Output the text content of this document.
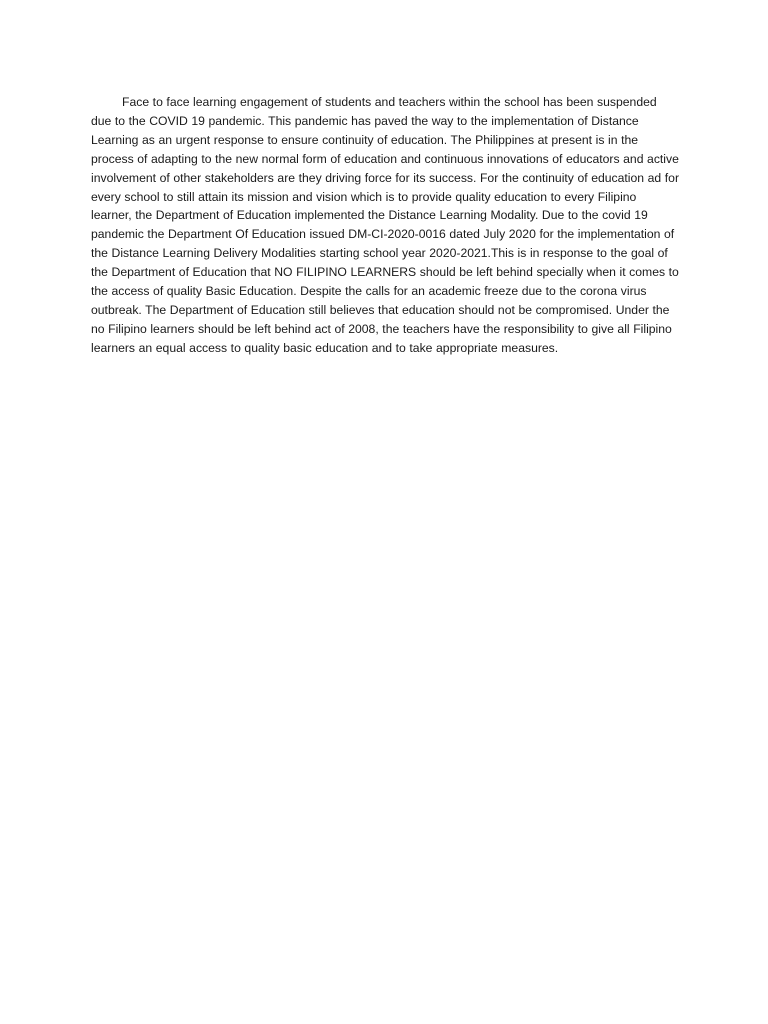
Face to face learning engagement of students and teachers within the school has been suspended due to the COVID 19 pandemic. This pandemic has paved the way to the implementation of Distance Learning as an urgent response to ensure continuity of education. The Philippines at present is in the process of adapting to the new normal form of education and continuous innovations of educators and active involvement of other stakeholders are they driving force for its success. For the continuity of education ad for every school to still attain its mission and vision which is to provide quality education to every Filipino learner, the Department of Education implemented the Distance Learning Modality. Due to the covid 19 pandemic the Department Of Education issued DM-CI-2020-0016 dated July 2020 for the implementation of the Distance Learning Delivery Modalities starting school year 2020-2021.This is in response to the goal of the Department of Education that NO FILIPINO LEARNERS should be left behind specially when it comes to the access of quality Basic Education. Despite the calls for an academic freeze due to the corona virus outbreak. The Department of Education still believes that education should not be compromised. Under the no Filipino learners should be left behind act of 2008, the teachers have the responsibility to give all Filipino learners an equal access to quality basic education and to take appropriate measures.
